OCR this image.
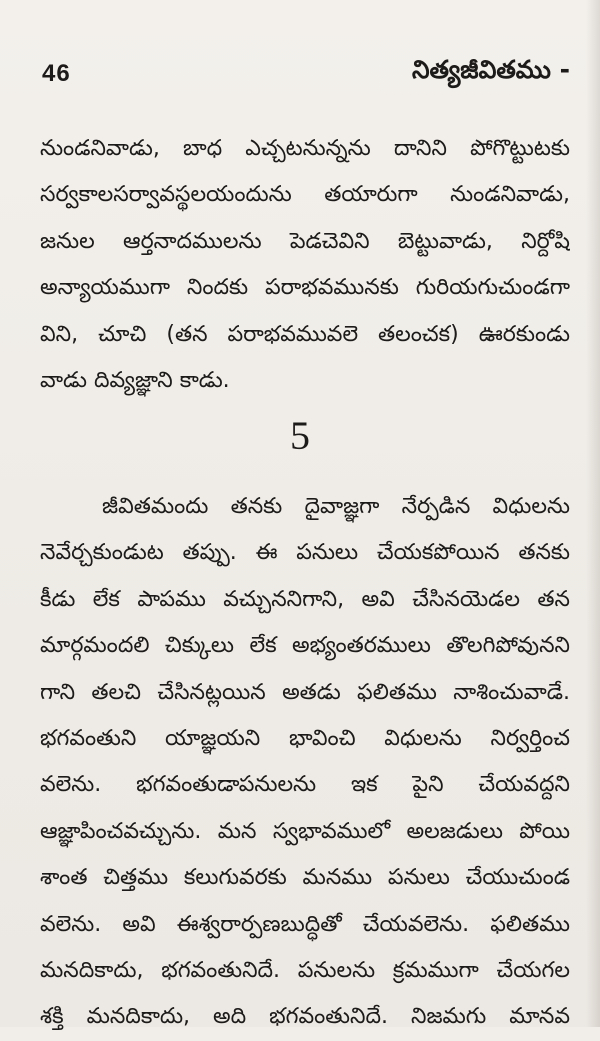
46	నిత్యజీవితము -
నుండనివాడు, బాధ ఎచ్చటనున్నను దానిని పోగొట్టుటకు
సర్వకాలసర్వావస్థలయందును తయారుగా నుండనివాడు,
జనుల ఆర్తనాదములను పెడచెవిని బెట్టువాడు, నిర్దోషి
అన్యాయముగా నిందకు పరాభవమునకు గురియగుచుండగా
విని, చూచి (తన పరాభవమువలె తలంచక) ఊరకుండు
వాడు దివ్యజ్ఞాని కాడు.
5
జీవితమందు తనకు దైవాజ్ఞగా నేర్పడిన విధులను
నెవేర్చకుండుట తప్పు. ఈ పనులు చేయకపోయిన తనకు
కీడు లేక పాపము వచ్చుననిగాని, అవి చేసినయెడల తన
మార్గమందలి చిక్కులు లేక అభ్యంతరములు తొలగిపోవునని
గాని తలచి చేసినట్లయిన అతడు ఫలితము నాశించువాడే.
భగవంతుని యాజ్ఞయని భావించి విధులను నిర్వర్తించ
వలెను. భగవంతుడాపనులను ఇక పైని చేయవద్దని
ఆజ్ఞాపించవచ్చును. మన స్వభావములో అలజడులు పోయి
శాంత చిత్తము కలుగువరకు మనము పనులు చేయుచుండ
వలెను. అవి ఈశ్వరార్పణబుద్ధితో చేయవలెను. ఫలితము
మనదికాదు, భగవంతునిదే. పనులను క్రమముగా చేయగల
శక్తి మనదికాదు, అది భగవంతునిదే. నిజమగు మానవ
